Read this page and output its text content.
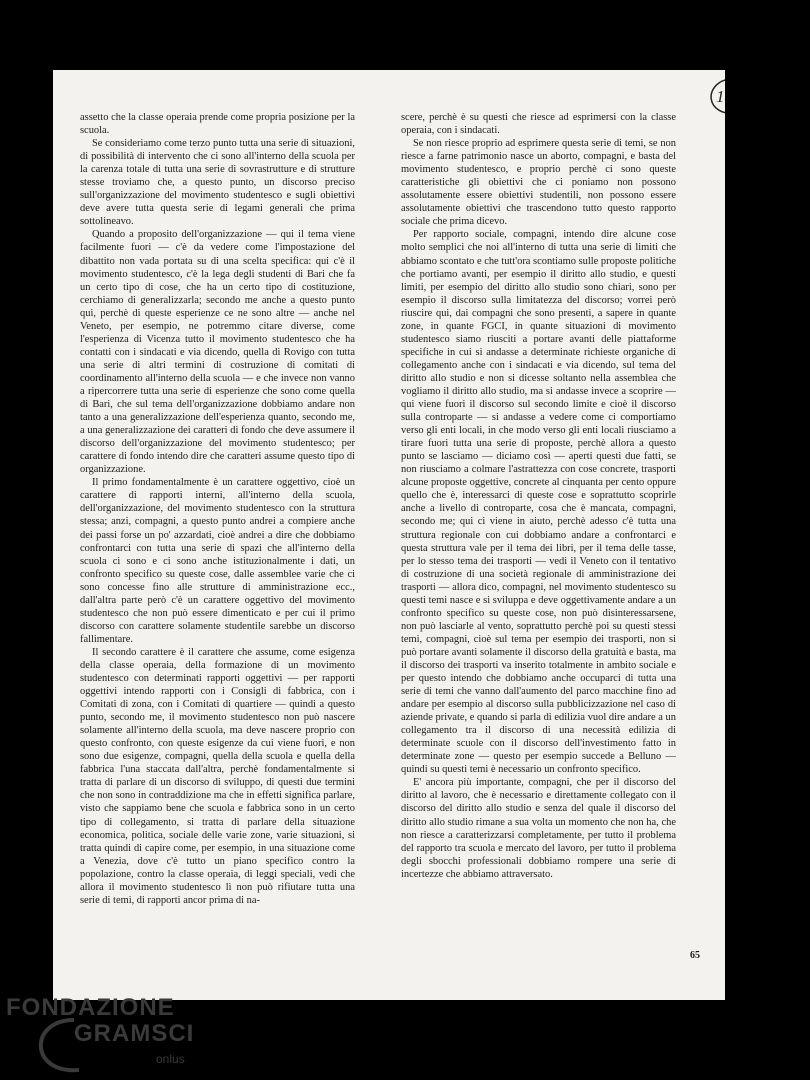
189

assetto che la classe operaia prende come propria posizione per la scuola.

Se consideriamo come terzo punto tutta una serie di situazioni, di possibilità di intervento che ci sono all'interno della scuola per la carenza totale di tutta una serie di sovrastrutture e di strutture stesse troviamo che, a questo punto, un discorso preciso sull'organizzazione del movimento studentesco e sugli obiettivi deve avere tutta questa serie di legami generali che prima sottolineavo.

Quando a proposito dell'organizzazione — qui il tema viene facilmente fuori — c'è da vedere come l'impostazione del dibattito non vada portata su di una scelta specifica: qui c'è il movimento studentesco, c'è la lega degli studenti di Bari che fa un certo tipo di cose, che ha un certo tipo di costituzione, cerchiamo di generalizzarla; secondo me anche a questo punto qui, perchè di queste esperienze ce ne sono altre — anche nel Veneto, per esempio, ne potremmo citare diverse, come l'esperienza di Vicenza tutto il movimento studentesco che ha contatti con i sindacati e via dicendo, quella di Rovigo con tutta una serie di altri termini di costruzione di comitati di coordinamento all'interno della scuola — e che invece non vanno a ripercorrere tutta una serie di esperienze che sono come quella di Bari, che sul tema dell'organizzazione dobbiamo andare non tanto a una generalizzazione dell'esperienza quanto, secondo me, a una generalizzazione dei caratteri di fondo che deve assumere il discorso dell'organizzazione del movimento studentesco; per carattere di fondo intendo dire che caratteri assume questo tipo di organizzazione.

Il primo fondamentalmente è un carattere oggettivo, cioè un carattere di rapporti interni, all'interno della scuola, dell'organizzazione, del movimento studentesco con la struttura stessa; anzi, compagni, a questo punto andrei a compiere anche dei passi forse un po' azzardati, cioè andrei a dire che dobbiamo confrontarci con tutta una serie di spazi che all'interno della scuola ci sono e ci sono anche istituzionalmente i dati, un confronto specifico su queste cose, dalle assemblee varie che ci sono concesse fino alle strutture di amministrazione ecc., dall'altra parte però c'è un carattere oggettivo del movimento studentesco che non può essere dimenticato e per cui il primo discorso con carattere solamente studentile sarebbe un discorso fallimentare.

Il secondo carattere è il carattere che assume, come esigenza della classe operaia, della formazione di un movimento studentesco con determinati rapporti oggettivi — per rapporti oggettivi intendo rapporti con i Consigli di fabbrica, con i Comitati di zona, con i Comitati di quartiere — quindi a questo punto, secondo me, il movimento studentesco non può nascere solamente all'interno della scuola, ma deve nascere proprio con questo confronto, con queste esigenze da cui viene fuori, e non sono due esigenze, compagni, quella della scuola e quella della fabbrica l'una staccata dall'altra, perchè fondamentalmente si tratta di parlare di un discorso di sviluppo, di questi due termini che non sono in contraddizione ma che in effetti significa parlare, visto che sappiamo bene che scuola e fabbrica sono in un certo tipo di collegamento, si tratta di parlare della situazione economica, politica, sociale delle varie zone, varie situazioni, si tratta quindi di capire come, per esempio, in una situazione come a Venezia, dove c'è tutto un piano specifico contro la popolazione, contro la classe operaia, di leggi speciali, vedi che allora il movimento studentesco lì non può rifiutare tutta una serie di temi, di rapporti ancor prima di na-

scere, perchè è su questi che riesce ad esprimersi con la classe operaia, con i sindacati.

Se non riesce proprio ad esprimere questa serie di temi, se non riesce a farne patrimonio nasce un aborto, compagni, e basta del movimento studentesco, e proprio perchè ci sono queste caratteristiche gli obiettivi che ci poniamo non possono assolutamente essere obiettivi studentili, non possono essere assolutamente obiettivi che trascendono tutto questo rapporto sociale che prima dicevo.

Per rapporto sociale, compagni, intendo dire alcune cose molto semplici che noi all'interno di tutta una serie di limiti che abbiamo scontato e che tutt'ora scontiamo sulle proposte politiche che portiamo avanti, per esempio il diritto allo studio, e questi limiti, per esempio del diritto allo studio sono chiari, sono per esempio il discorso sulla limitatezza del discorso; vorrei però riuscire qui, dai compagni che sono presenti, a sapere in quante zone, in quante FGCI, in quante situazioni di movimento studentesco siamo riusciti a portare avanti delle piattaforme specifiche in cui si andasse a determinate richieste organiche di collegamento anche con i sindacati e via dicendo, sul tema del diritto allo studio e non si dicesse soltanto nella assemblea che vogliamo il diritto allo studio, ma si andasse invece a scoprire — qui viene fuori il discorso sul secondo limite e cioè il discorso sulla controparte — si andasse a vedere come ci comportiamo verso gli enti locali, in che modo verso gli enti locali riusciamo a tirare fuori tutta una serie di proposte, perchè allora a questo punto se lasciamo — diciamo così — aperti questi due fatti, se non riusciamo a colmare l'astrattezza con cose concrete, trasporti alcune proposte oggettive, concrete al cinquanta per cento oppure quello che è, interessarci di queste cose e soprattutto scoprirle anche a livello di controparte, cosa che è mancata, compagni, secondo me; qui ci viene in aiuto, perchè adesso c'è tutta una struttura regionale con cui dobbiamo andare a confrontarci e questa struttura vale per il tema dei libri, per il tema delle tasse, per lo stesso tema dei trasporti — vedi il Veneto con il tentativo di costruzione di una società regionale di amministrazione dei trasporti — allora dico, compagni, nel movimento studentesco su questi temi nasce e si sviluppa e deve oggettivamente andare a un confronto specifico su queste cose, non può disinteressarsene, non può lasciarle al vento, soprattutto perchè poi su questi stessi temi, compagni, cioè sul tema per esempio dei trasporti, non si può portare avanti solamente il discorso della gratuità e basta, ma il discorso dei trasporti va inserito totalmente in ambito sociale e per questo intendo che dobbiamo anche occuparci di tutta una serie di temi che vanno dall'aumento del parco macchine fino ad andare per esempio al discorso sulla pubblicizzazione nel caso di aziende private, e quando si parla di edilizia vuol dire andare a un collegamento tra il discorso di una necessità edilizia di determinate scuole con il discorso dell'investimento fatto in determinate zone — questo per esempio succede a Belluno — quindi su questi temi è necessario un confronto specifico.

E' ancora più importante, compagni, che per il discorso del diritto al lavoro, che è necessario e direttamente collegato con il discorso del diritto allo studio e senza del quale il discorso del diritto allo studio rimane a sua volta un momento che non ha, che non riesce a caratterizzarsi completamente, per tutto il problema del rapporto tra scuola e mercato del lavoro, per tutto il problema degli sbocchi professionali dobbiamo rompere una serie di incertezze che abbiamo attraversato.

65
FONDAZIONE
GRAMSCI
onlus
